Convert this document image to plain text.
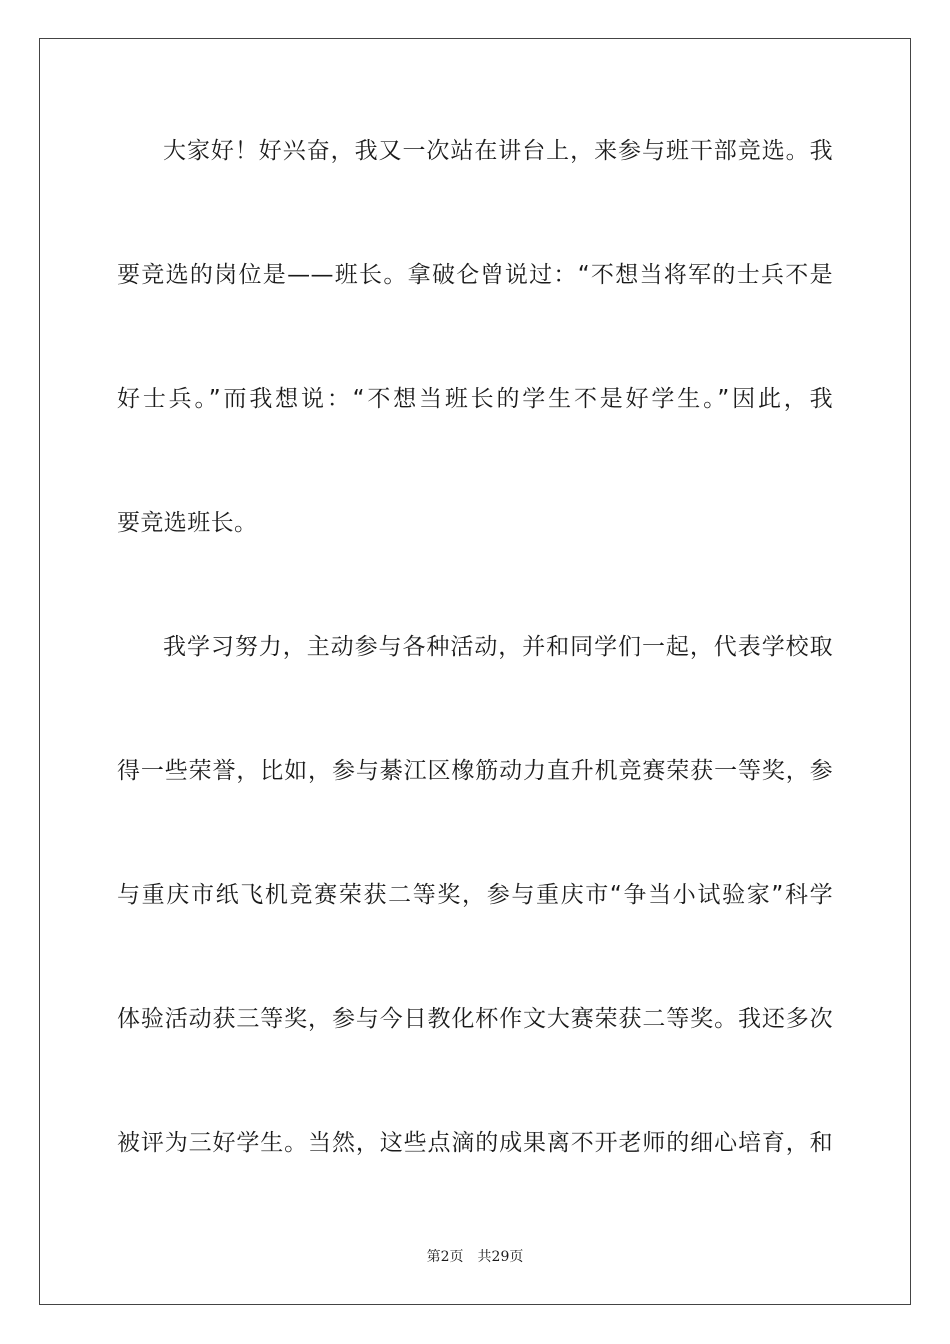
大家好！好兴奋，我又一次站在讲台上，来参与班干部竞选。我
要竞选的岗位是——班长。拿破仑曾说过：“不想当将军的士兵不是
好士兵。”而我想说：“不想当班长的学生不是好学生。”因此，我
要竞选班长。
我学习努力，主动参与各种活动，并和同学们一起，代表学校取
得一些荣誉，比如，参与綦江区橡筋动力直升机竞赛荣获一等奖，参
与重庆市纸飞机竞赛荣获二等奖，参与重庆市“争当小试验家”科学
体验活动获三等奖，参与今日教化杯作文大赛荣获二等奖。我还多次
被评为三好学生。当然，这些点滴的成果离不开老师的细心培育，和
第2页 共29页
